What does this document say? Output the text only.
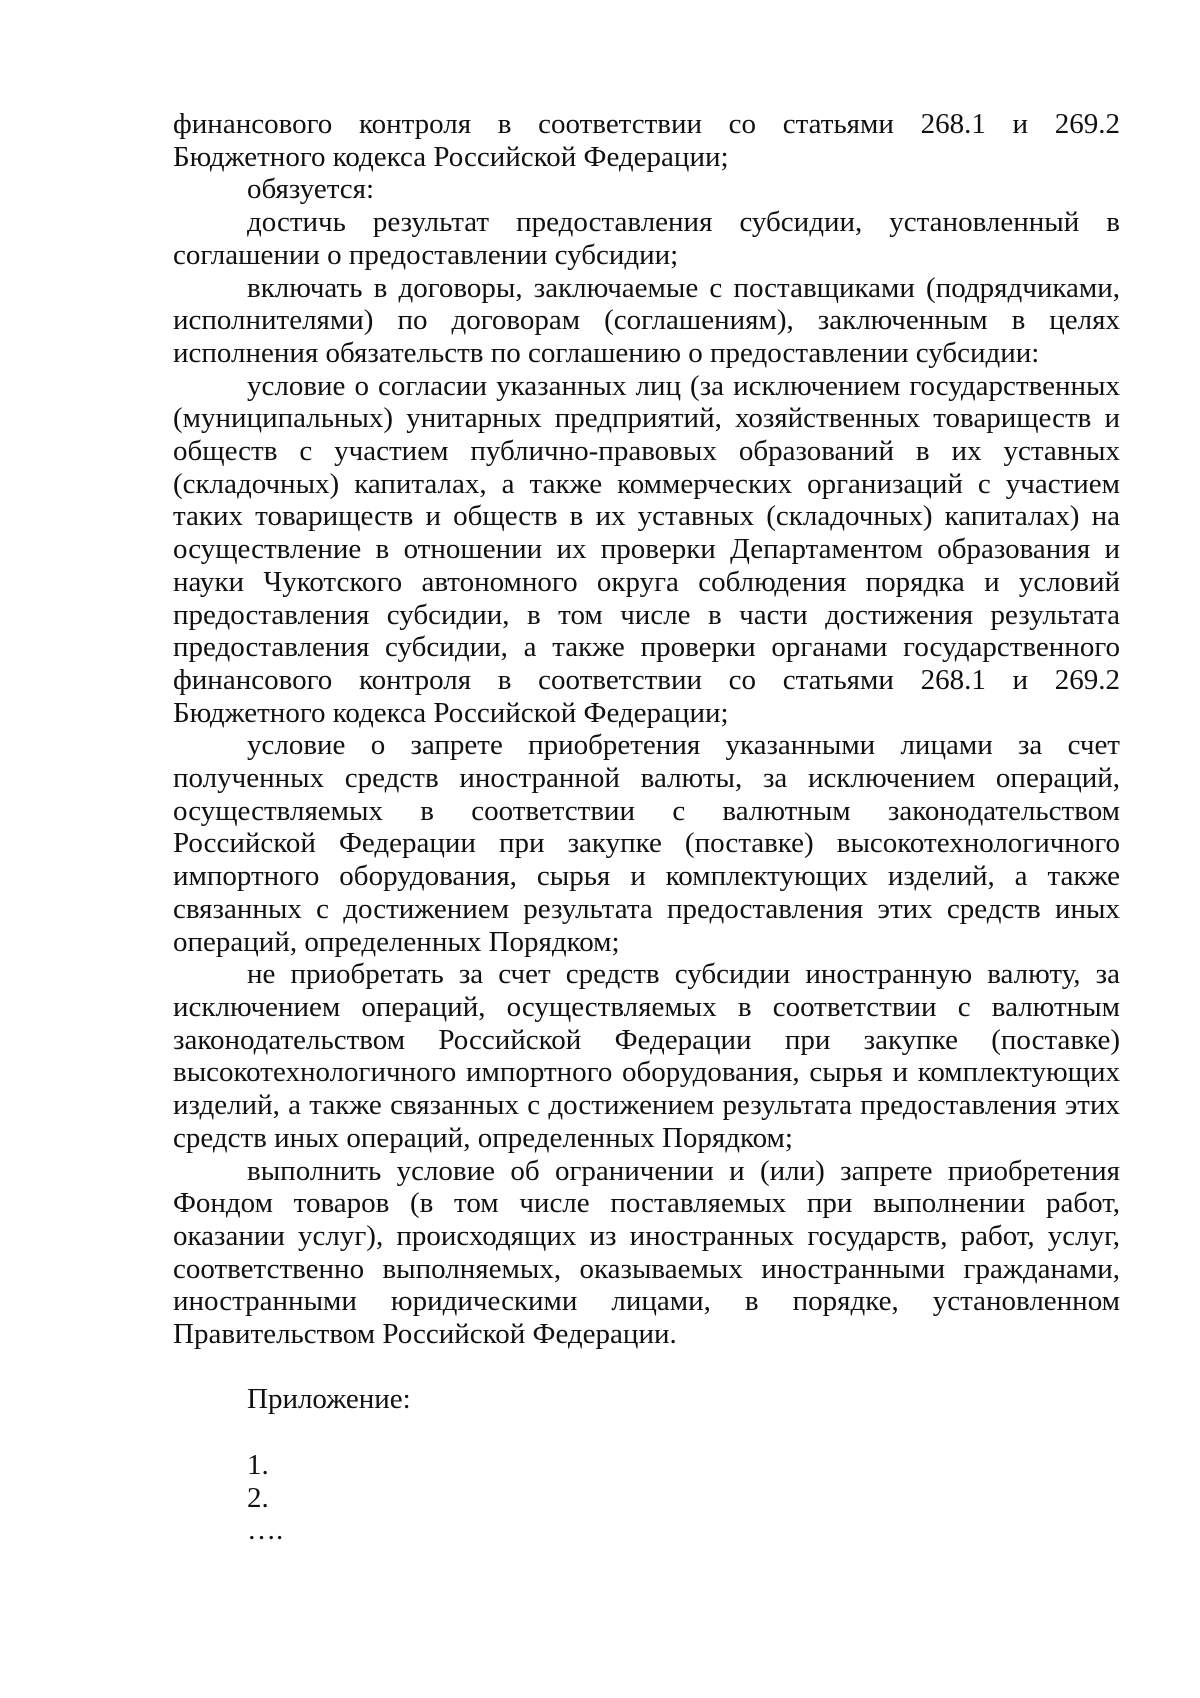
финансового контроля в соответствии со статьями 268.1 и 269.2 Бюджетного кодекса Российской Федерации;

обязуется:

достичь результат предоставления субсидии, установленный в соглашении о предоставлении субсидии;

включать в договоры, заключаемые с поставщиками (подрядчиками, исполнителями) по договорам (соглашениям), заключенным в целях исполнения обязательств по соглашению о предоставлении субсидии:

условие о согласии указанных лиц (за исключением государственных (муниципальных) унитарных предприятий, хозяйственных товариществ и обществ с участием публично-правовых образований в их уставных (складочных) капиталах, а также коммерческих организаций с участием таких товариществ и обществ в их уставных (складочных) капиталах) на осуществление в отношении их проверки Департаментом образования и науки Чукотского автономного округа соблюдения порядка и условий предоставления субсидии, в том числе в части достижения результата предоставления субсидии, а также проверки органами государственного финансового контроля в соответствии со статьями 268.1 и 269.2 Бюджетного кодекса Российской Федерации;

условие о запрете приобретения указанными лицами за счет полученных средств иностранной валюты, за исключением операций, осуществляемых в соответствии с валютным законодательством Российской Федерации при закупке (поставке) высокотехнологичного импортного оборудования, сырья и комплектующих изделий, а также связанных с достижением результата предоставления этих средств иных операций, определенных Порядком;

не приобретать за счет средств субсидии иностранную валюту, за исключением операций, осуществляемых в соответствии с валютным законодательством Российской Федерации при закупке (поставке) высокотехнологичного импортного оборудования, сырья и комплектующих изделий, а также связанных с достижением результата предоставления этих средств иных операций, определенных Порядком;

выполнить условие об ограничении и (или) запрете приобретения Фондом товаров (в том числе поставляемых при выполнении работ, оказании услуг), происходящих из иностранных государств, работ, услуг, соответственно выполняемых, оказываемых иностранными гражданами, иностранными юридическими лицами, в порядке, установленном Правительством Российской Федерации.

Приложение:

1.

2.

….
